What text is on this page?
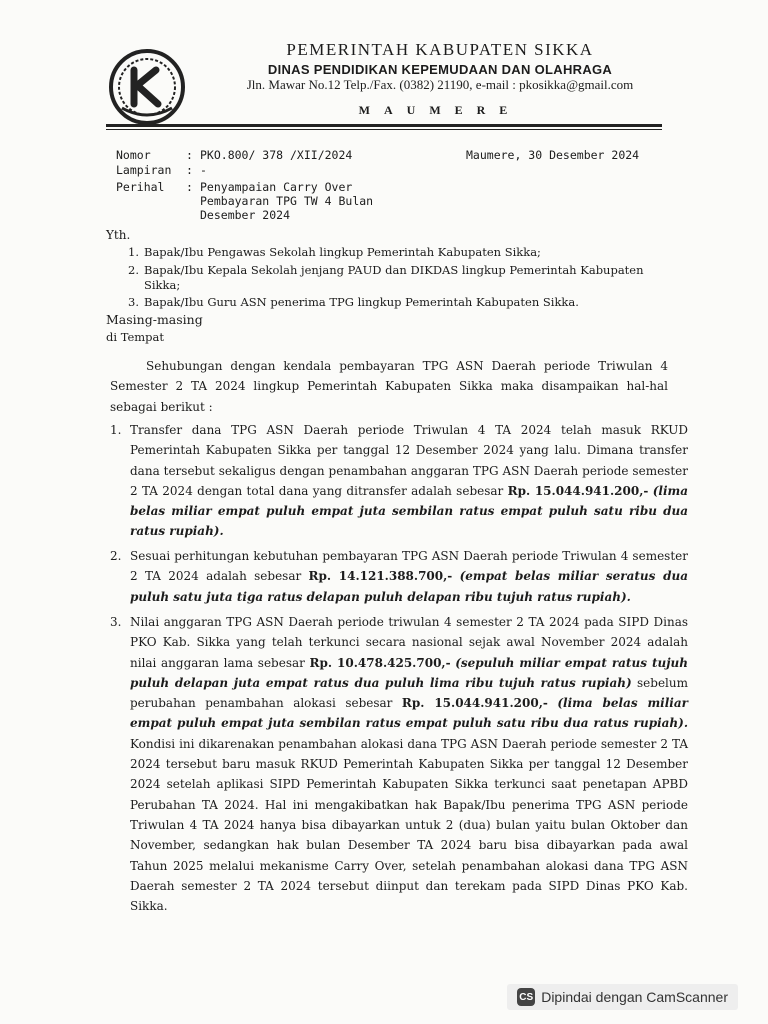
PEMERINTAH KABUPATEN SIKKA
DINAS PENDIDIKAN KEPEMUDAAN DAN OLAHRAGA
Jln. Mawar No.12 Telp./Fax. (0382) 21190, e-mail : pkosikka@gmail.com
MAUMERE
Nomor	: PKO.800/ 378 /XII/2024	Maumere, 30 Desember 2024
Lampiran : -
Perihal : Penyampaian Carry Over
Pembayaran TPG TW 4 Bulan
Desember 2024
Yth.
1. Bapak/Ibu Pengawas Sekolah lingkup Pemerintah Kabupaten Sikka;
2. Bapak/Ibu Kepala Sekolah jenjang PAUD dan DIKDAS lingkup Pemerintah Kabupaten Sikka;
3. Bapak/Ibu Guru ASN penerima TPG lingkup Pemerintah Kabupaten Sikka.
Masing-masing
di Tempat
Sehubungan dengan kendala pembayaran TPG ASN Daerah periode Triwulan 4 Semester 2 TA 2024 lingkup Pemerintah Kabupaten Sikka maka disampaikan hal-hal sebagai berikut :
1. Transfer dana TPG ASN Daerah periode Triwulan 4 TA 2024 telah masuk RKUD Pemerintah Kabupaten Sikka per tanggal 12 Desember 2024 yang lalu. Dimana transfer dana tersebut sekaligus dengan penambahan anggaran TPG ASN Daerah periode semester 2 TA 2024 dengan total dana yang ditransfer adalah sebesar Rp. 15.044.941.200,- (lima belas miliar empat puluh empat juta sembilan ratus empat puluh satu ribu dua ratus rupiah).
2. Sesuai perhitungan kebutuhan pembayaran TPG ASN Daerah periode Triwulan 4 semester 2 TA 2024 adalah sebesar Rp. 14.121.388.700,- (empat belas miliar seratus dua puluh satu juta tiga ratus delapan puluh delapan ribu tujuh ratus rupiah).
3. Nilai anggaran TPG ASN Daerah periode triwulan 4 semester 2 TA 2024 pada SIPD Dinas PKO Kab. Sikka yang telah terkunci secara nasional sejak awal November 2024 adalah nilai anggaran lama sebesar Rp. 10.478.425.700,- (sepuluh miliar empat ratus tujuh puluh delapan juta empat ratus dua puluh lima ribu tujuh ratus rupiah) sebelum perubahan penambahan alokasi sebesar Rp. 15.044.941.200,- (lima belas miliar empat puluh empat juta sembilan ratus empat puluh satu ribu dua ratus rupiah). Kondisi ini dikarenakan penambahan alokasi dana TPG ASN Daerah periode semester 2 TA 2024 tersebut baru masuk RKUD Pemerintah Kabupaten Sikka per tanggal 12 Desember 2024 setelah aplikasi SIPD Pemerintah Kabupaten Sikka terkunci saat penetapan APBD Perubahan TA 2024. Hal ini mengakibatkan hak Bapak/Ibu penerima TPG ASN periode Triwulan 4 TA 2024 hanya bisa dibayarkan untuk 2 (dua) bulan yaitu bulan Oktober dan November, sedangkan hak bulan Desember TA 2024 baru bisa dibayarkan pada awal Tahun 2025 melalui mekanisme Carry Over, setelah penambahan alokasi dana TPG ASN Daerah semester 2 TA 2024 tersebut diinput dan terekam pada SIPD Dinas PKO Kab. Sikka.
CS Dipindai dengan CamScanner
